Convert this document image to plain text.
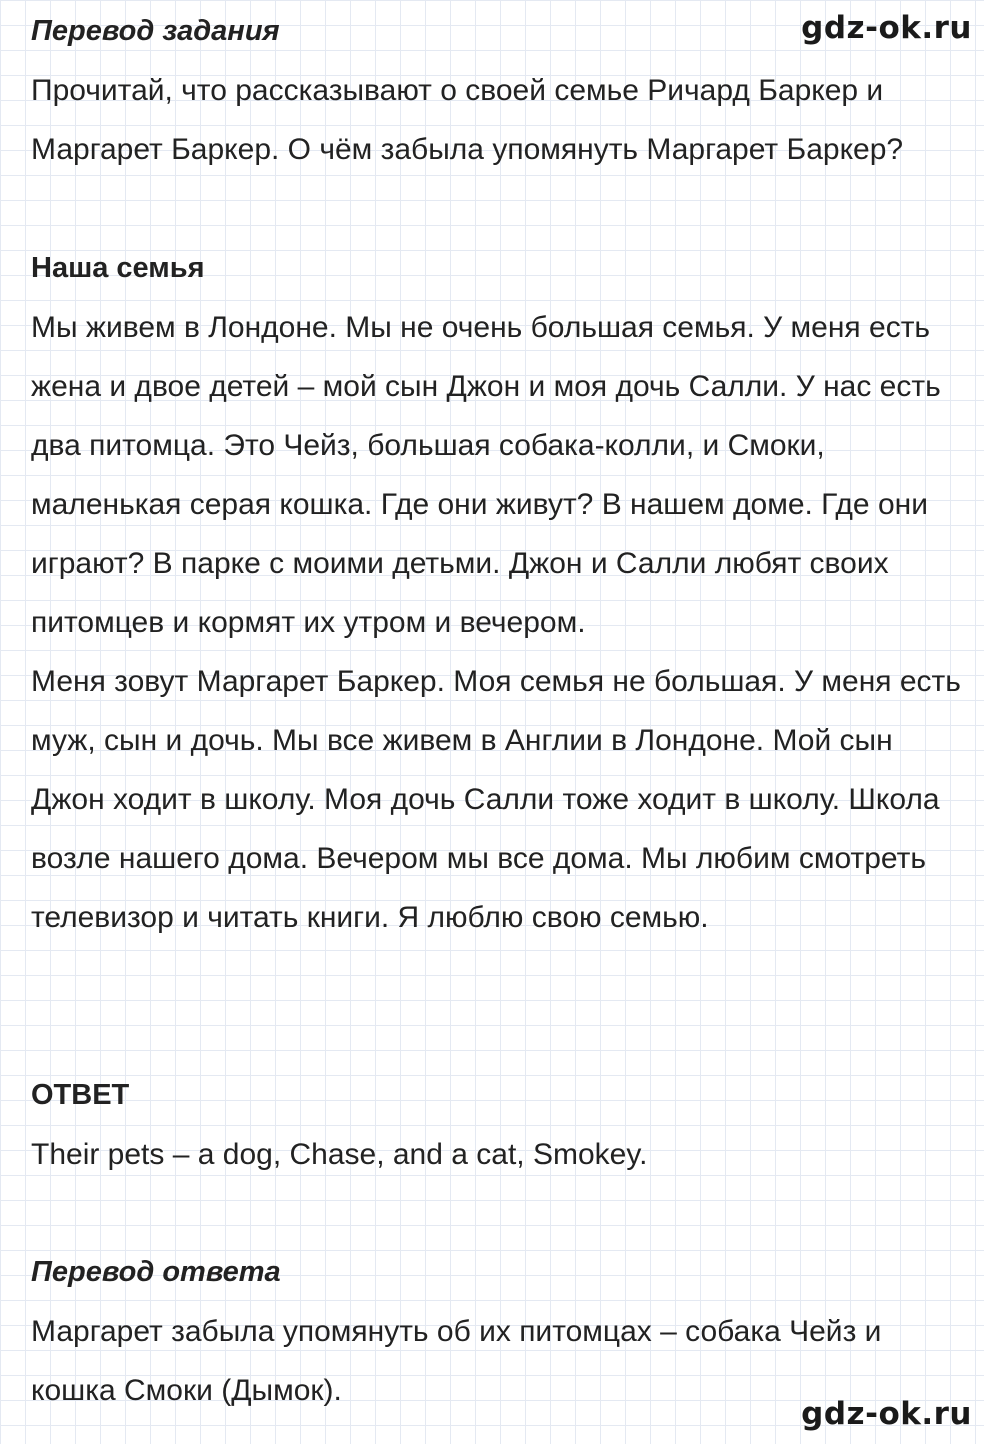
gdz-ok.ru
Перевод задания

Прочитай, что рассказывают о своей семье Ричард Баркер и Маргарет Баркер. О чём забыла упомянуть Маргарет Баркер?

Наша семья

Мы живем в Лондоне. Мы не очень большая семья. У меня есть жена и двое детей – мой сын Джон и моя дочь Салли. У нас есть два питомца. Это Чейз, большая собака-колли, и Смоки, маленькая серая кошка. Где они живут? В нашем доме. Где они играют? В парке с моими детьми. Джон и Салли любят своих питомцев и кормят их утром и вечером.

Меня зовут Маргарет Баркер. Моя семья не большая. У меня есть муж, сын и дочь. Мы все живем в Англии в Лондоне. Мой сын Джон ходит в школу. Моя дочь Салли тоже ходит в школу. Школа возле нашего дома. Вечером мы все дома. Мы любим смотреть телевизор и читать книги. Я люблю свою семью.

ОТВЕТ

Their pets – a dog, Chase, and a cat, Smokey.

Перевод ответа

Маргарет забыла упомянуть об их питомцах – собака Чейз и кошка Смоки (Дымок).

gdz-ok.ru
